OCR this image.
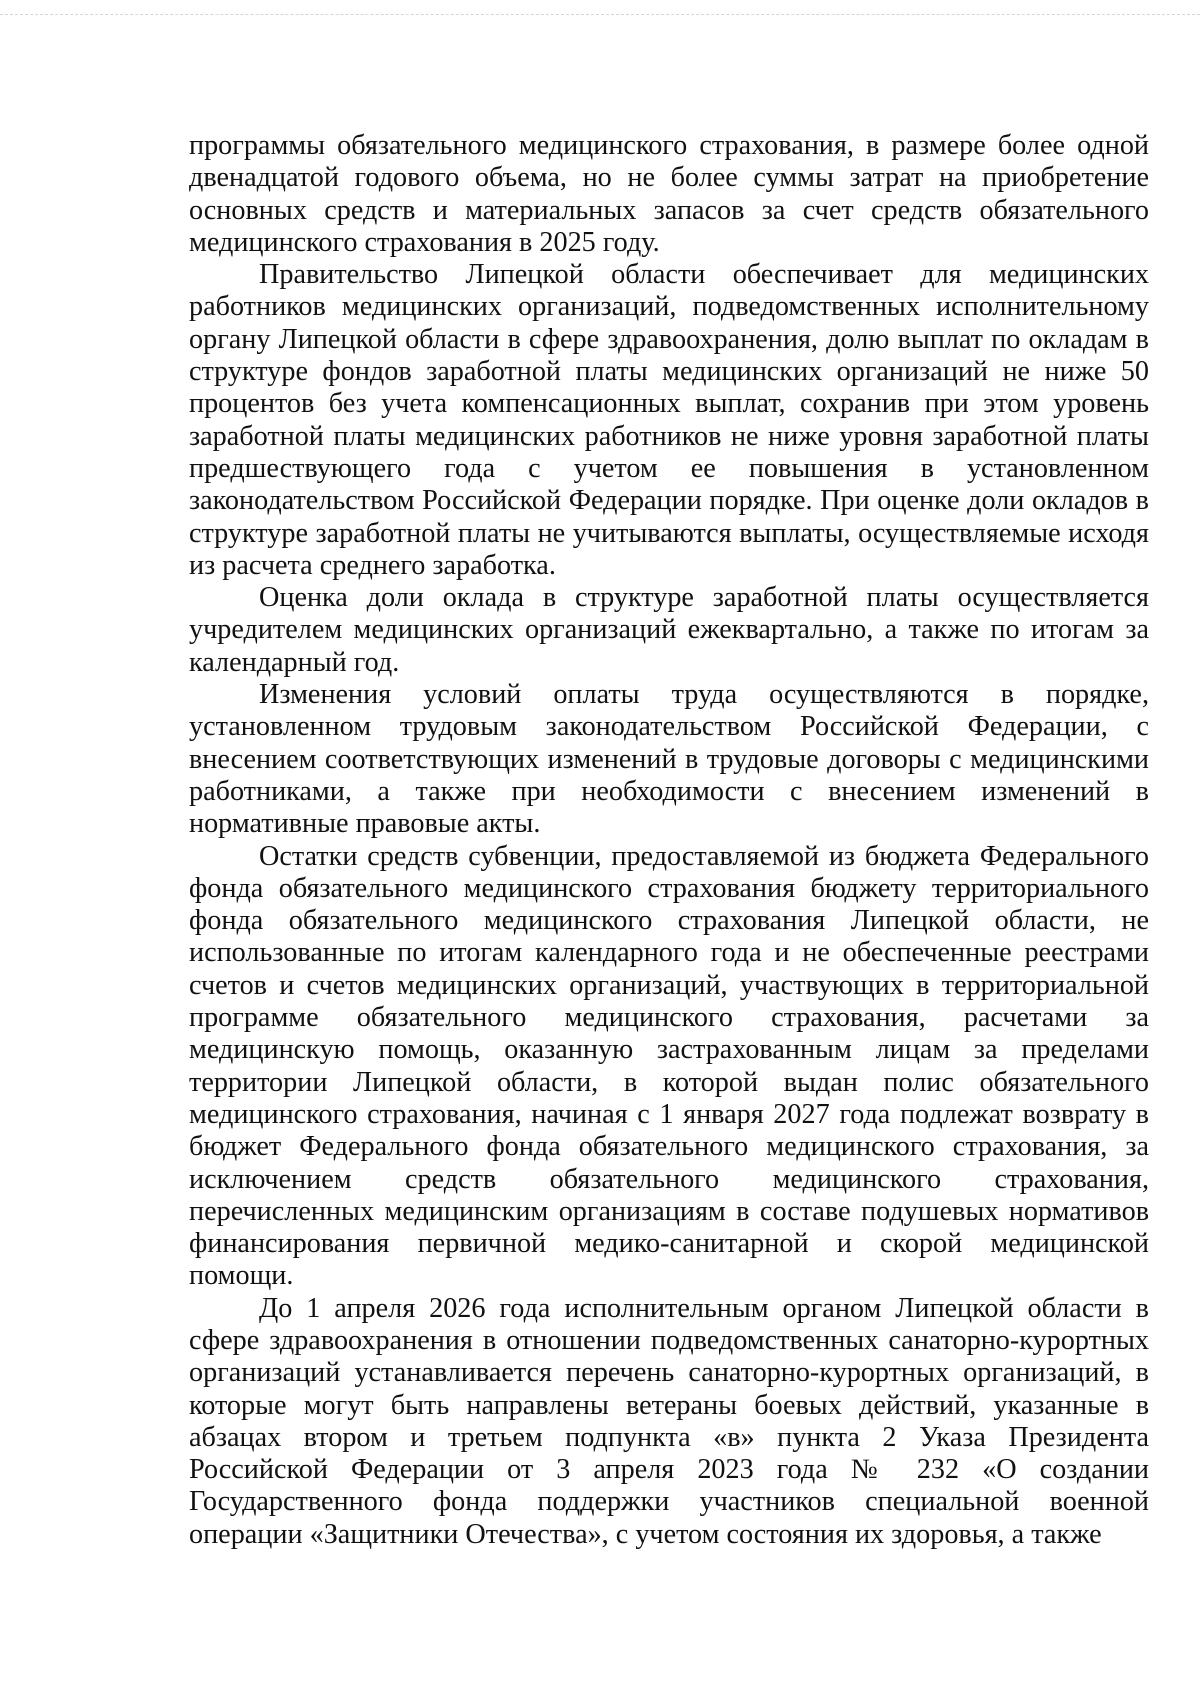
программы обязательного медицинского страхования, в размере более одной двенадцатой годового объема, но не более суммы затрат на приобретение основных средств и материальных запасов за счет средств обязательного медицинского страхования в 2025 году.

Правительство Липецкой области обеспечивает для медицинских работников медицинских организаций, подведомственных исполнительному органу Липецкой области в сфере здравоохранения, долю выплат по окладам в структуре фондов заработной платы медицинских организаций не ниже 50 процентов без учета компенсационных выплат, сохранив при этом уровень заработной платы медицинских работников не ниже уровня заработной платы предшествующего года с учетом ее повышения в установленном законодательством Российской Федерации порядке. При оценке доли окладов в структуре заработной платы не учитываются выплаты, осуществляемые исходя из расчета среднего заработка.

Оценка доли оклада в структуре заработной платы осуществляется учредителем медицинских организаций ежеквартально, а также по итогам за календарный год.

Изменения условий оплаты труда осуществляются в порядке, установленном трудовым законодательством Российской Федерации, с внесением соответствующих изменений в трудовые договоры с медицинскими работниками, а также при необходимости с внесением изменений в нормативные правовые акты.

Остатки средств субвенции, предоставляемой из бюджета Федерального фонда обязательного медицинского страхования бюджету территориального фонда обязательного медицинского страхования Липецкой области, не использованные по итогам календарного года и не обеспеченные реестрами счетов и счетов медицинских организаций, участвующих в территориальной программе обязательного медицинского страхования, расчетами за медицинскую помощь, оказанную застрахованным лицам за пределами территории Липецкой области, в которой выдан полис обязательного медицинского страхования, начиная с 1 января 2027 года подлежат возврату в бюджет Федерального фонда обязательного медицинского страхования, за исключением средств обязательного медицинского страхования, перечисленных медицинским организациям в составе подушевых нормативов финансирования первичной медико-санитарной и скорой медицинской помощи.

До 1 апреля 2026 года исполнительным органом Липецкой области в сфере здравоохранения в отношении подведомственных санаторно-курортных организаций устанавливается перечень санаторно-курортных организаций, в которые могут быть направлены ветераны боевых действий, указанные в абзацах втором и третьем подпункта «в» пункта 2 Указа Президента Российской Федерации от 3 апреля 2023 года № 232 «О создании Государственного фонда поддержки участников специальной военной операции «Защитники Отечества», с учетом состояния их здоровья, а также
